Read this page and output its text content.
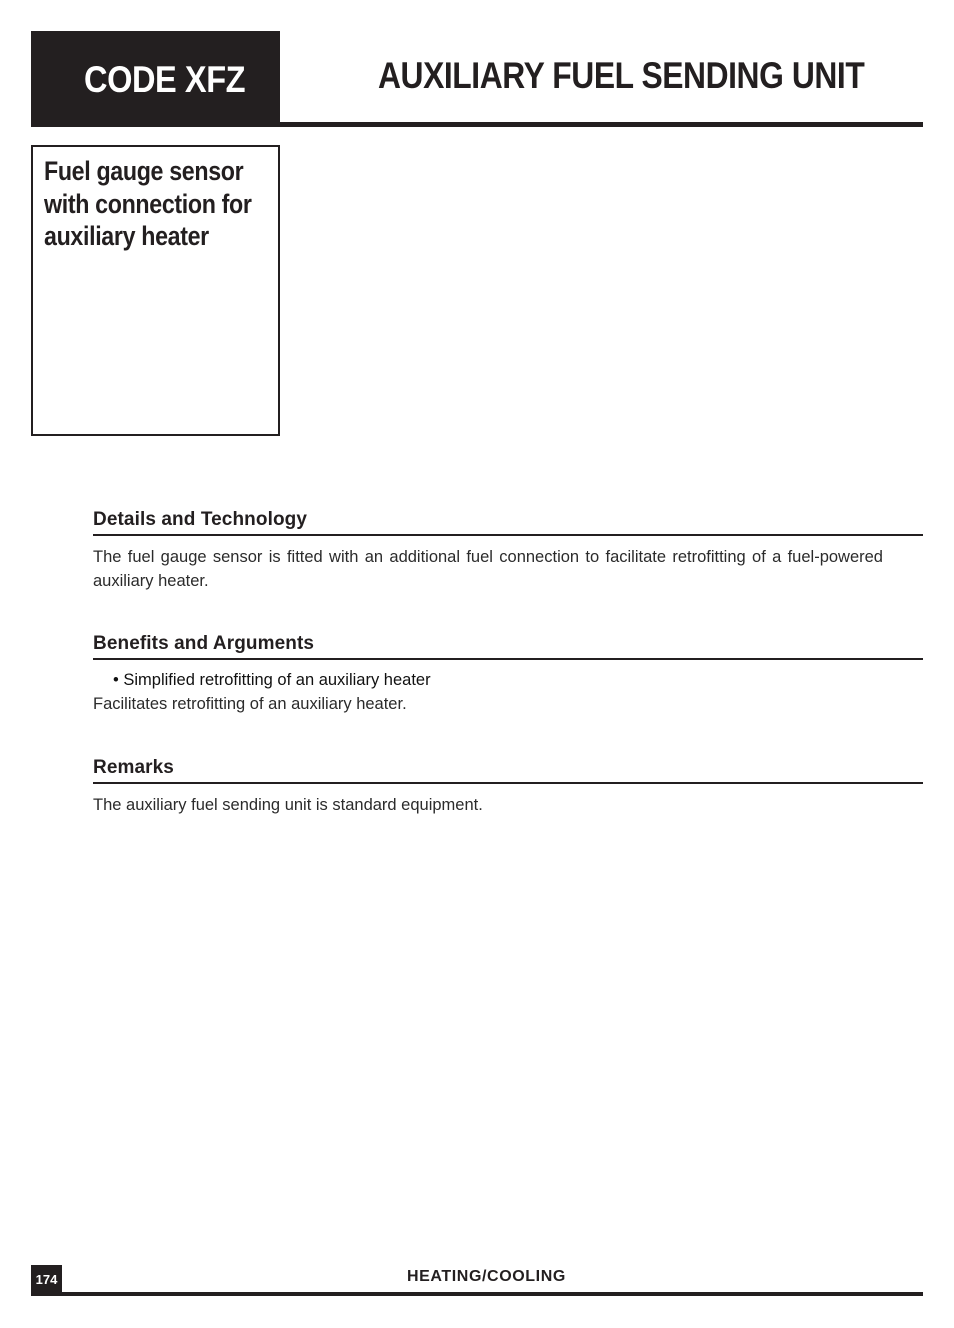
CODE XFZ	AUXILIARY FUEL SENDING UNIT
Fuel gauge sensor with connection for auxiliary heater
Details and Technology

The fuel gauge sensor is fitted with an additional fuel connection to facilitate retrofitting of a fuel-powered auxiliary heater.

Benefits and Arguments
• Simplified retrofitting of an auxiliary heater

Facilitates retrofitting of an auxiliary heater.

Remarks

The auxiliary fuel sending unit is standard equipment.

174	HEATING/COOLING
